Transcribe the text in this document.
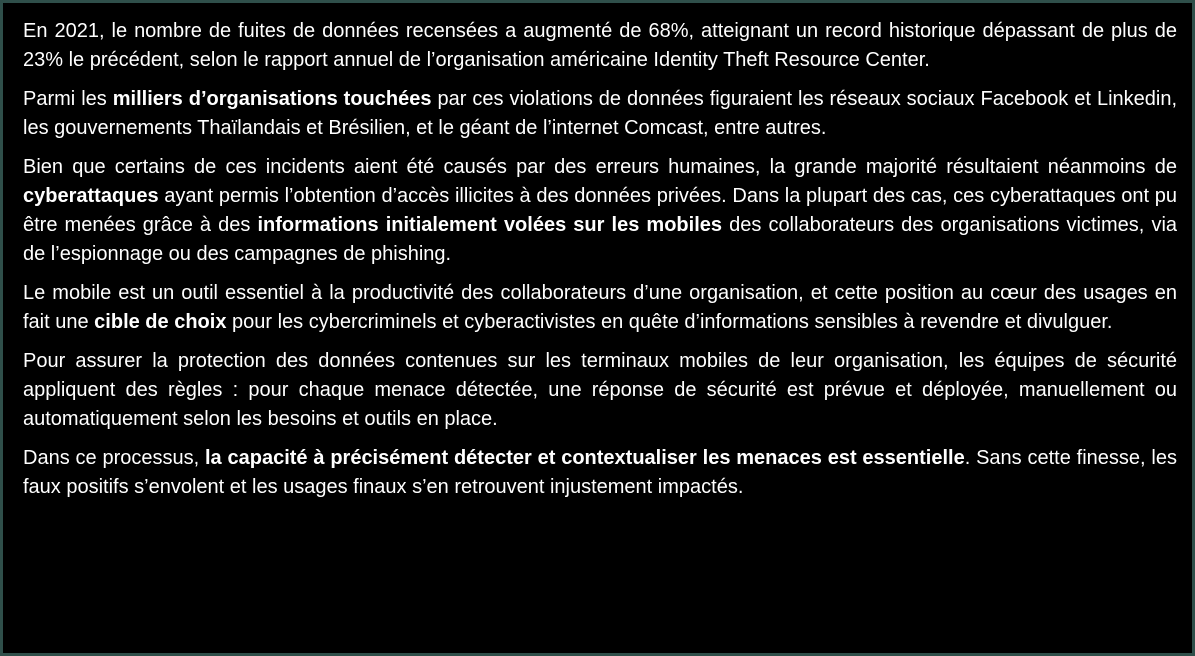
En 2021, le nombre de fuites de données recensées a augmenté de 68%, atteignant un record historique dépassant de plus de 23% le précédent, selon le rapport annuel de l’organisation américaine Identity Theft Resource Center.

Parmi les milliers d’organisations touchées par ces violations de données figuraient les réseaux sociaux Facebook et Linkedin, les gouvernements Thaïlandais et Brésilien, et le géant de l’internet Comcast, entre autres.

Bien que certains de ces incidents aient été causés par des erreurs humaines, la grande majorité résultaient néanmoins de cyberattaques ayant permis l’obtention d’accès illicites à des données privées. Dans la plupart des cas, ces cyberattaques ont pu être menées grâce à des informations initialement volées sur les mobiles des collaborateurs des organisations victimes, via de l’espionnage ou des campagnes de phishing.

Le mobile est un outil essentiel à la productivité des collaborateurs d’une organisation, et cette position au cœur des usages en fait une cible de choix pour les cybercriminels et cyberactivistes en quête d’informations sensibles à revendre et divulguer.

Pour assurer la protection des données contenues sur les terminaux mobiles de leur organisation, les équipes de sécurité appliquent des règles : pour chaque menace détectée, une réponse de sécurité est prévue et déployée, manuellement ou automatiquement selon les besoins et outils en place.

Dans ce processus, la capacité à précisément détecter et contextualiser les menaces est essentielle. Sans cette finesse, les faux positifs s’envolent et les usages finaux s’en retrouvent injustement impactés.
